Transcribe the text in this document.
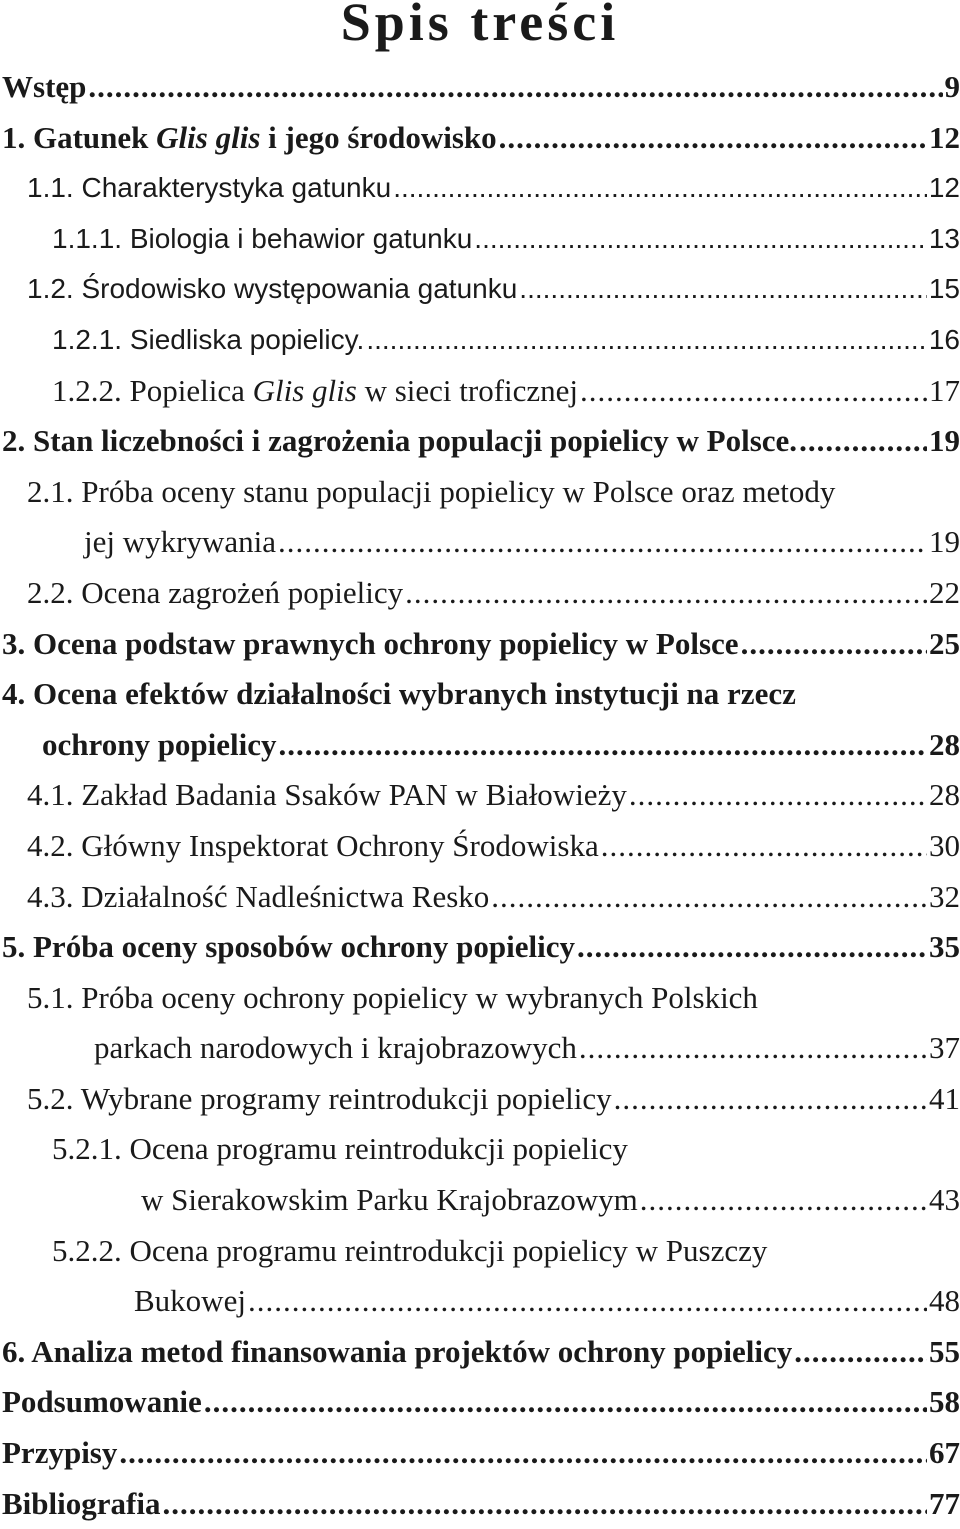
Spis treści
Wstęp .....	9
1. Gatunek Glis glis i jego środowisko .....	12
1.1. Charakterystyka gatunku .....	12
1.1.1. Biologia i behawior gatunku .....	13
1.2. Środowisko występowania gatunku .....	15
1.2.1. Siedliska popielicy. .....	16
1.2.2. Popielica Glis glis w sieci troficznej .....	17
2. Stan liczebności i zagrożenia populacji popielicy w Polsce. .....	19
2.1. Próba oceny stanu populacji popielicy w Polsce oraz metody
jej wykrywania .....	19
2.2. Ocena zagrożeń popielicy .....	22
3. Ocena podstaw prawnych ochrony popielicy w Polsce .....	25
4. Ocena efektów działalności wybranych instytucji na rzecz
ochrony popielicy .....	28
4.1. Zakład Badania Ssaków PAN w Białowieży .....	28
4.2. Główny Inspektorat Ochrony Środowiska .....	30
4.3. Działalność Nadleśnictwa Resko .....	32
5. Próba oceny sposobów ochrony popielicy .....	35
5.1. Próba oceny ochrony popielicy w wybranych Polskich
parkach narodowych i krajobrazowych .....	37
5.2. Wybrane programy reintrodukcji popielicy .....	41
5.2.1. Ocena programu reintrodukcji popielicy
w Sierakowskim Parku Krajobrazowym .....	43
5.2.2. Ocena programu reintrodukcji popielicy w Puszczy
Bukowej .....	48
6. Analiza metod finansowania projektów ochrony popielicy .....	55
Podsumowanie .....	58
Przypisy .....	67
Bibliografia .....	77
